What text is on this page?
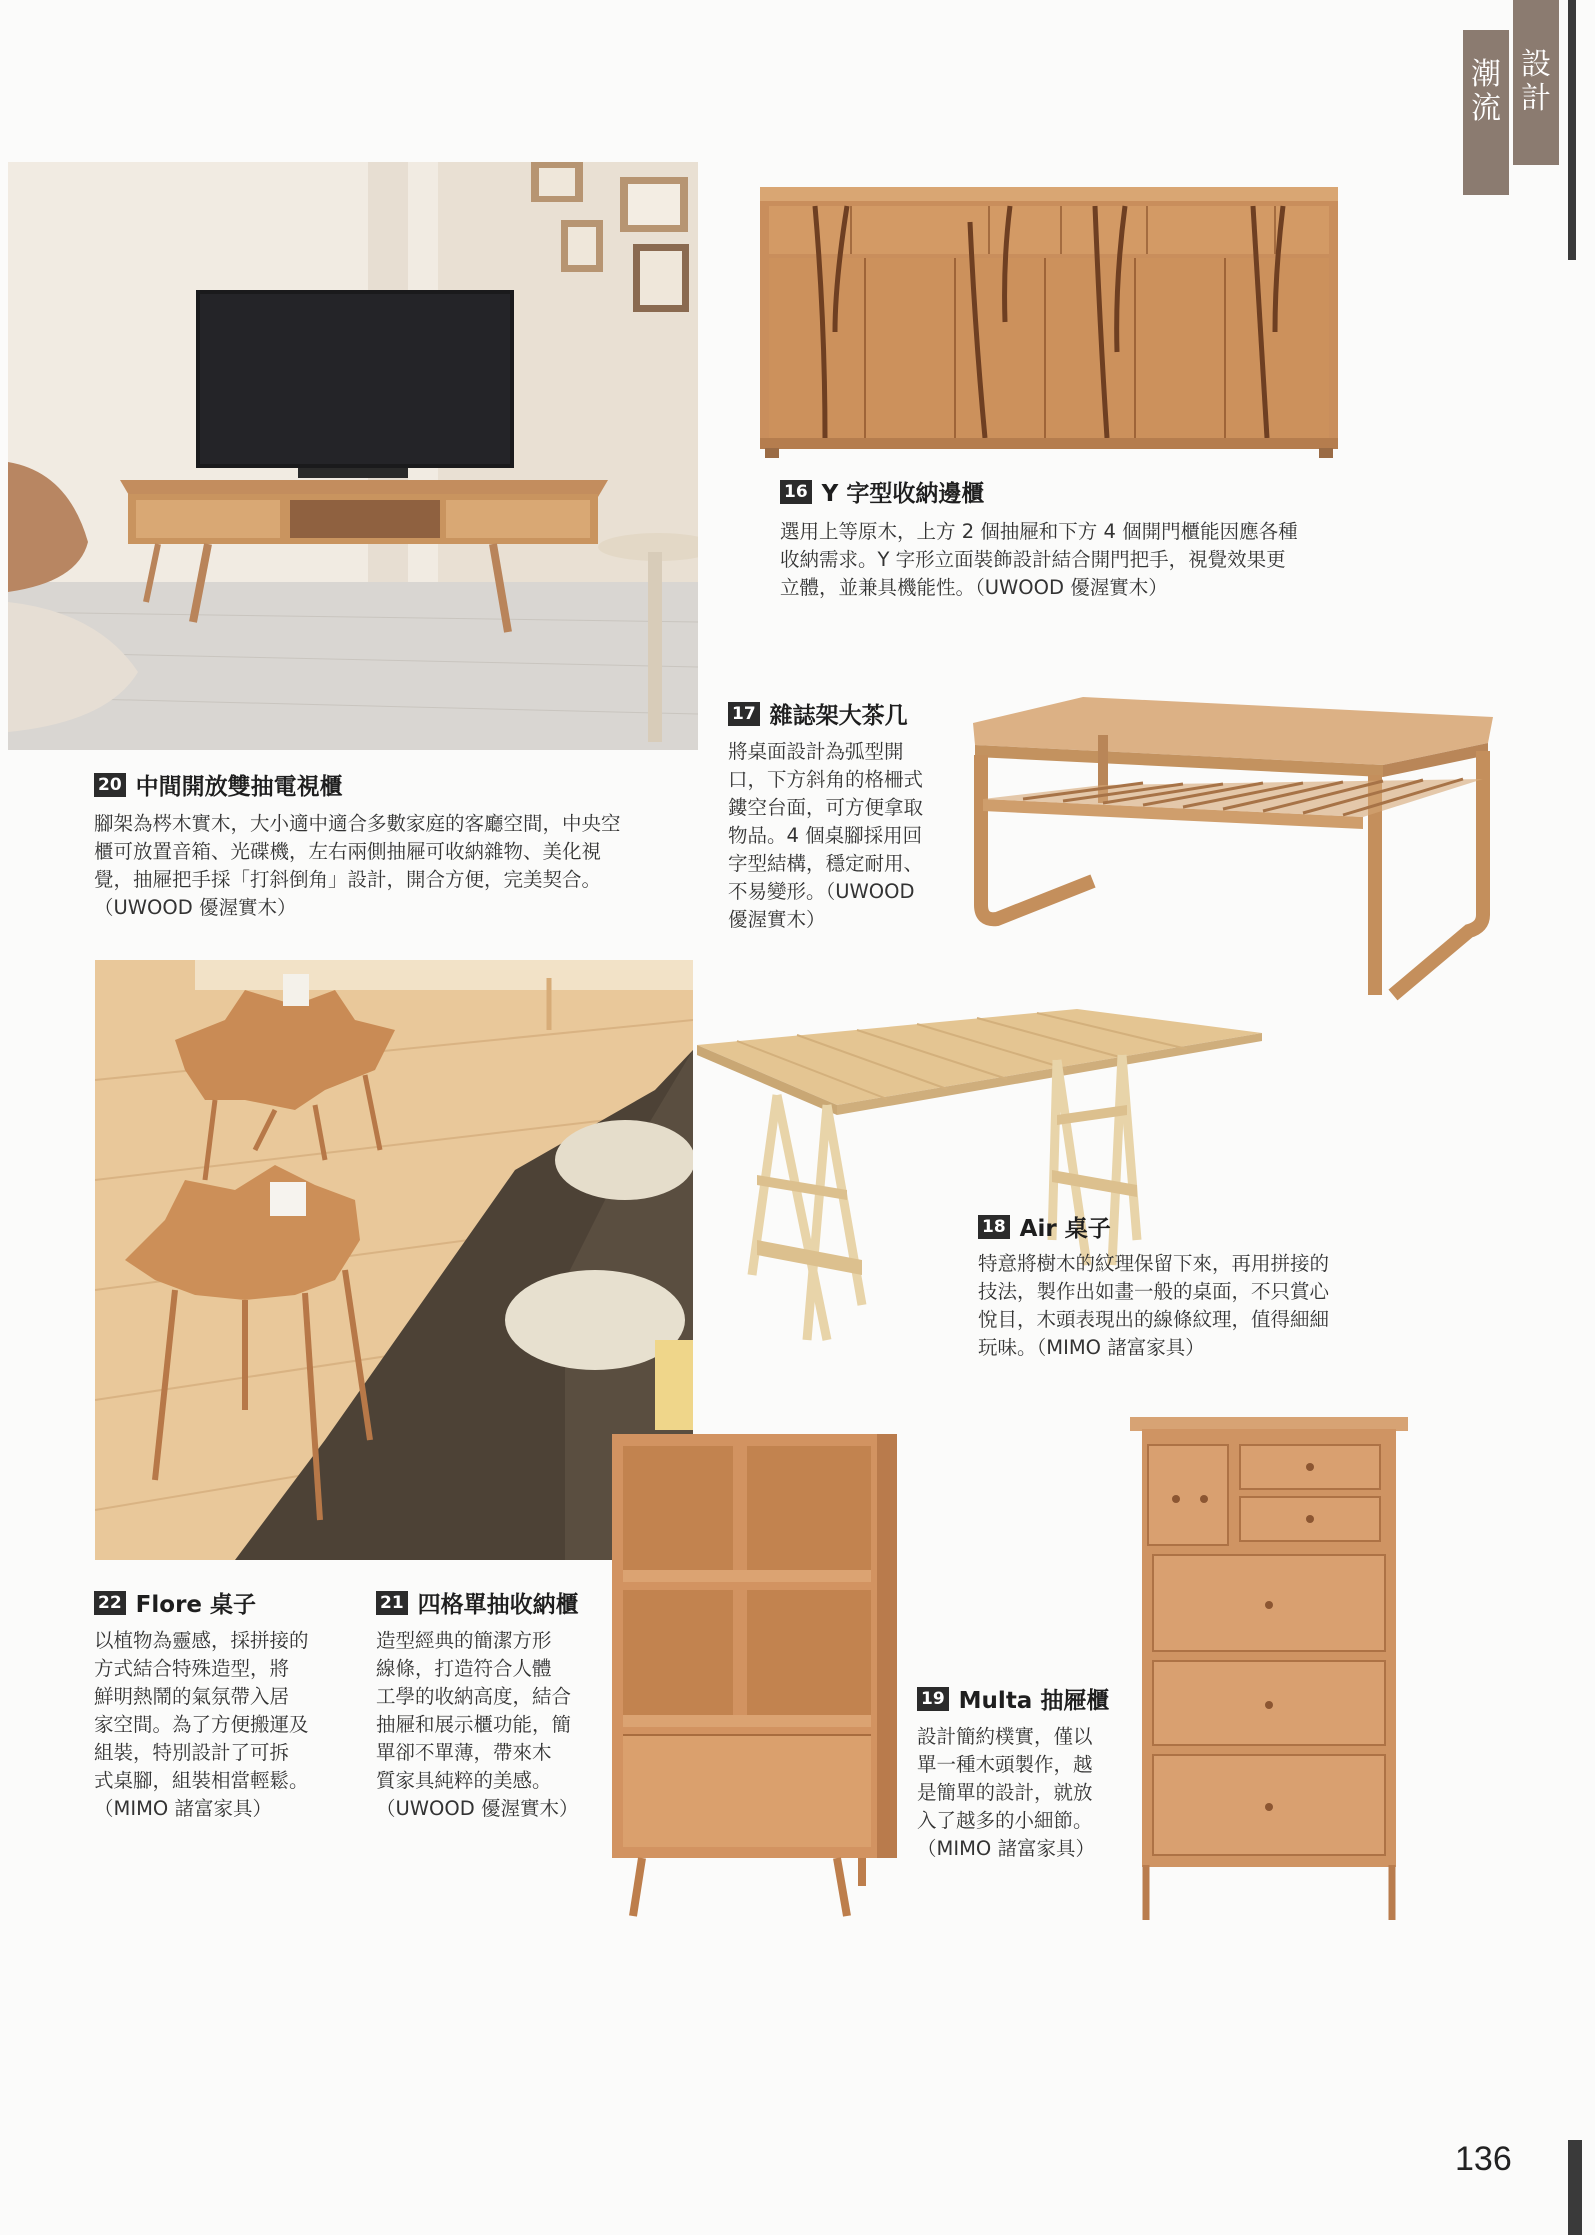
潮
流
設
計
16 Y 字型收納邊櫃

選用上等原木，上方 2 個抽屜和下方 4 個開門櫃能因應各種

收納需求。Y 字形立面裝飾設計結合開門把手，視覺效果更

立體，並兼具機能性。（UWOOD 優渥實木）

20 中間開放雙抽電視櫃

腳架為梣木實木，大小適中適合多數家庭的客廳空間，中央空

櫃可放置音箱、光碟機，左右兩側抽屜可收納雜物、美化視

覺，抽屜把手採「打斜倒角」設計，開合方便，完美契合。

（UWOOD 優渥實木）

17 雜誌架大茶几

將桌面設計為弧型開

口，下方斜角的格柵式

鏤空台面，可方便拿取

物品。4 個桌腳採用回

字型結構，穩定耐用、

不易變形。（UWOOD

優渥實木）

18 Air 桌子

特意將樹木的紋理保留下來，再用拼接的

技法，製作出如畫一般的桌面，不只賞心

悅目，木頭表現出的線條紋理，值得細細

玩味。（MIMO 諸富家具）

22 Flore 桌子

以植物為靈感，採拼接的

方式結合特殊造型，將

鮮明熱鬧的氣氛帶入居

家空間。為了方便搬運及

組裝，特別設計了可拆

式桌腳，組裝相當輕鬆。

（MIMO 諸富家具）

21 四格單抽收納櫃

造型經典的簡潔方形

線條，打造符合人體

工學的收納高度，結合

抽屜和展示櫃功能，簡

單卻不單薄，帶來木

質家具純粹的美感。

（UWOOD 優渥實木）

19 Multa 抽屜櫃

設計簡約樸實，僅以

單一種木頭製作，越

是簡單的設計，就放

入了越多的小細節。

（MIMO 諸富家具）

136
